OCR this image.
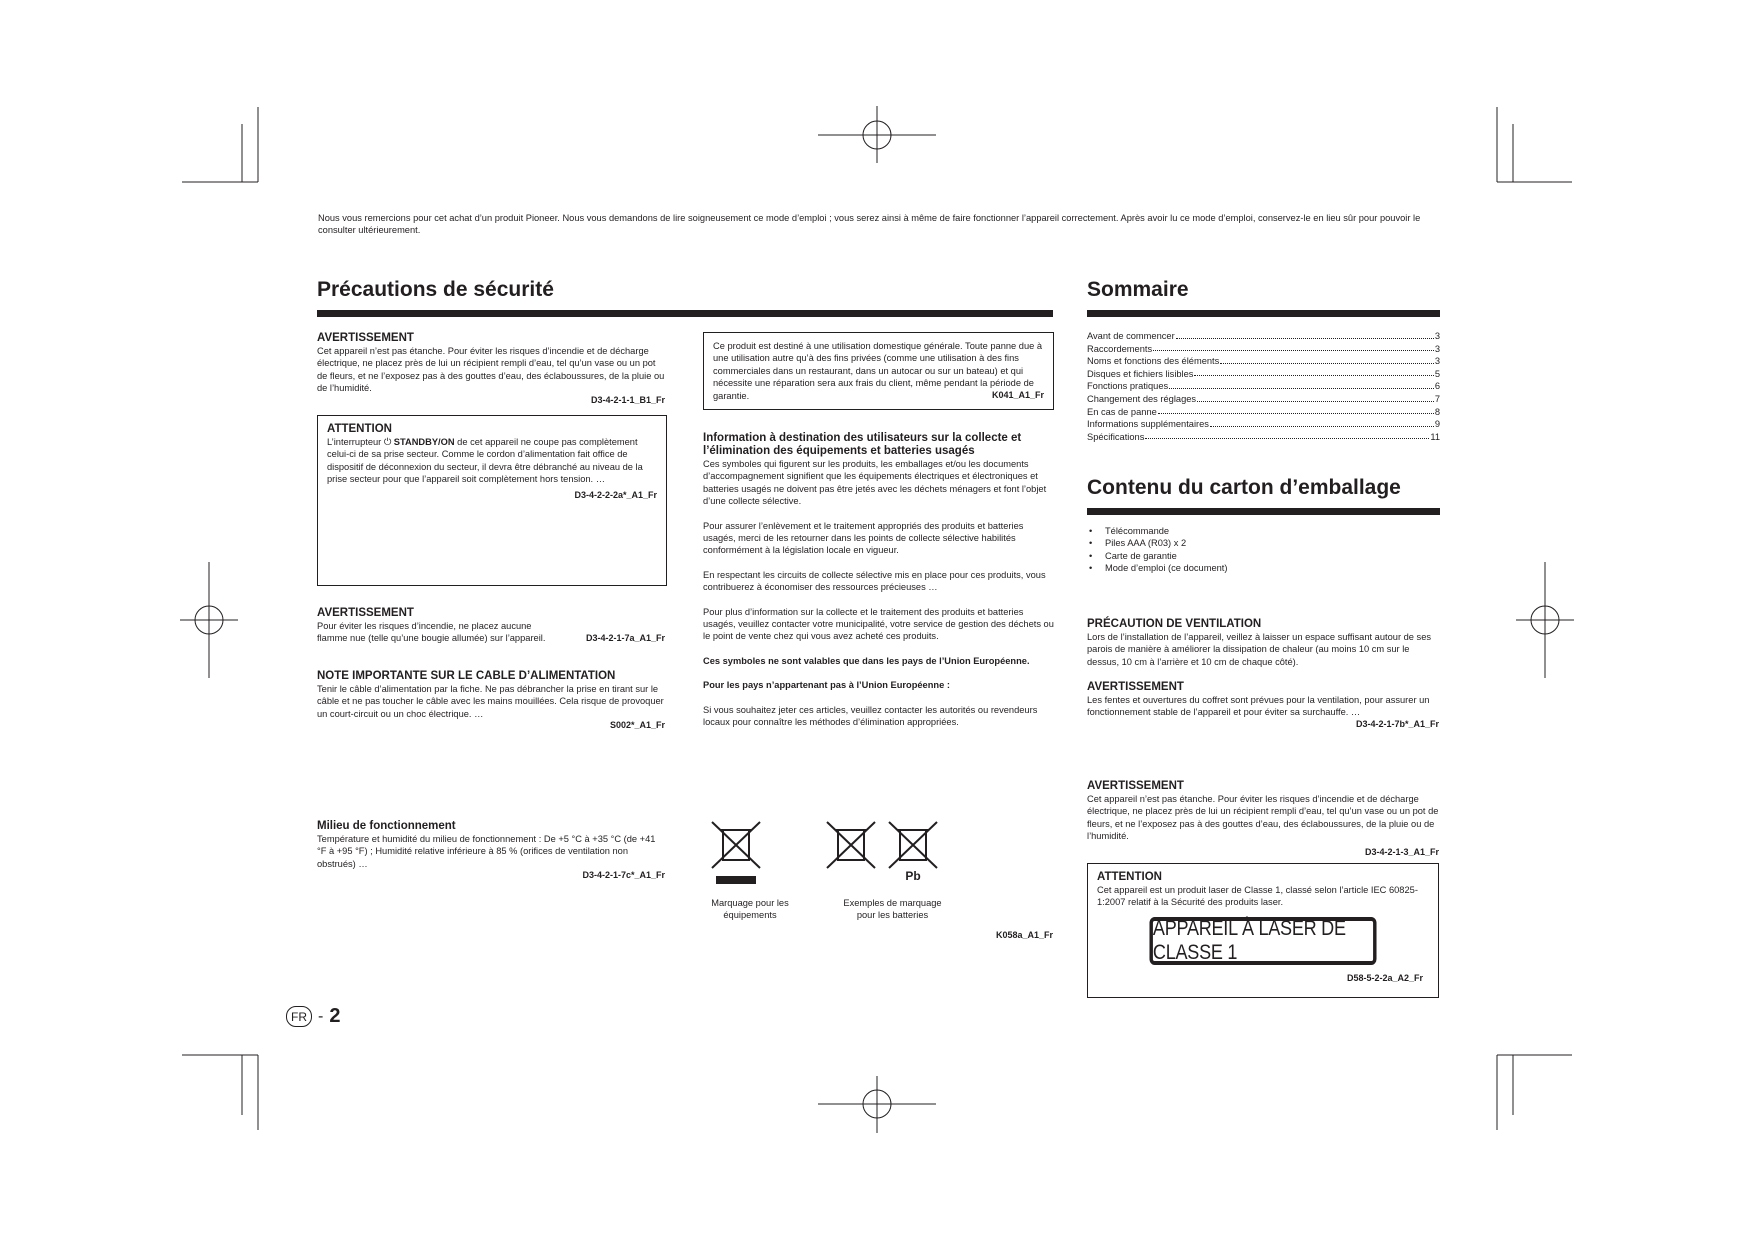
Nous vous remercions pour cet achat d’un produit Pioneer. Nous vous demandons de lire soigneusement ce mode d’emploi ; vous serez ainsi à même de faire fonctionner l’appareil correctement. Après avoir lu ce mode d’emploi, conservez-le en lieu sûr pour pouvoir le consulter ultérieurement.

Précautions de sécurité

AVERTISSEMENT

Cet appareil n’est pas étanche. Pour éviter les risques d’incendie et de décharge électrique, ne placez près de lui un récipient rempli d’eau, tel qu’un vase ou un pot de fleurs, et ne l’exposez pas à des gouttes d’eau, des éclaboussures, de la pluie ou de l’humidité.

D3-4-2-1-1_B1_Fr

ATTENTION

L’interrupteur ⏻ STANDBY/ON de cet appareil ne coupe pas complètement celui-ci de sa prise secteur. Comme le cordon d’alimentation fait office de dispositif de déconnexion du secteur, il devra être débranché au niveau de la prise secteur pour que l’appareil soit complètement hors tension. …

D3-4-2-2-2a*_A1_Fr

AVERTISSEMENT

Pour éviter les risques d’incendie, ne placez aucune flamme nue (telle qu’une bougie allumée) sur l’appareil.	D3-4-2-1-7a_A1_Fr

NOTE IMPORTANTE SUR LE CABLE D’ALIMENTATION

Tenir le câble d’alimentation par la fiche. Ne pas débrancher la prise en tirant sur le câble et ne pas toucher le câble avec les mains mouillées. Cela risque de provoquer un court-circuit ou un choc électrique. …

S002*_A1_Fr

Milieu de fonctionnement

Température et humidité du milieu de fonctionnement : De +5 °C à +35 °C (de +41 °F à +95 °F) ; Humidité relative inférieure à 85 % (orifices de ventilation non obstrués) …

D3-4-2-1-7c*_A1_Fr

Ce produit est destiné à une utilisation domestique générale. Toute panne due à une utilisation autre qu’à des fins privées (comme une utilisation à des fins commerciales dans un restaurant, dans un autocar ou sur un bateau) et qui nécessite une réparation sera aux frais du client, même pendant la période de garantie.	K041_A1_Fr

Information à destination des utilisateurs sur la collecte et l’élimination des équipements et batteries usagés

Ces symboles qui figurent sur les produits, les emballages et/ou les documents d’accompagnement signifient que les équipements électriques et électroniques et batteries usagés ne doivent pas être jetés avec les déchets ménagers et font l’objet d’une collecte sélective.

Pour assurer l’enlèvement et le traitement appropriés des produits et batteries usagés, merci de les retourner dans les points de collecte sélective habilités conformément à la législation locale en vigueur.

En respectant les circuits de collecte sélective mis en place pour ces produits, vous contribuerez à économiser des ressources précieuses …

Pour plus d’information sur la collecte et le traitement des produits et batteries usagés, veuillez contacter votre municipalité, votre service de gestion des déchets ou le point de vente chez qui vous avez acheté ces produits.

Ces symboles ne sont valables que dans les pays de l’Union Européenne.

Pour les pays n’appartenant pas à l’Union Européenne :

Si vous souhaitez jeter ces articles, veuillez contacter les autorités ou revendeurs locaux pour connaître les méthodes d’élimination appropriées.

Pb
Marquage pour les équipements
Exemples de marquage pour les batteries
K058a_A1_Fr
Sommaire
Avant de commencer	3
Raccordements	3
Noms et fonctions des éléments	3
Disques et fichiers lisibles	5
Fonctions pratiques	6
Changement des réglages	7
En cas de panne	8
Informations supplémentaires	9
Spécifications	11
Contenu du carton d’emballage
• Télécommande
• Piles AAA (R03) x 2
• Carte de garantie
• Mode d’emploi (ce document)

PRÉCAUTION DE VENTILATION

Lors de l’installation de l’appareil, veillez à laisser un espace suffisant autour de ses parois de manière à améliorer la dissipation de chaleur (au moins 10 cm sur le dessus, 10 cm à l’arrière et 10 cm de chaque côté).

AVERTISSEMENT

Les fentes et ouvertures du coffret sont prévues pour la ventilation, pour assurer un fonctionnement stable de l’appareil et pour éviter sa surchauffe. …

D3-4-2-1-7b*_A1_Fr

AVERTISSEMENT

Cet appareil n’est pas étanche. Pour éviter les risques d’incendie et de décharge électrique, ne placez près de lui un récipient rempli d’eau, tel qu’un vase ou un pot de fleurs, et ne l’exposez pas à des gouttes d’eau, des éclaboussures, de la pluie ou de l’humidité.

D3-4-2-1-3_A1_Fr

ATTENTION

Cet appareil est un produit laser de Classe 1, classé selon l’article IEC 60825-1:2007 relatif à la Sécurité des produits laser.

APPAREIL À LASER DE CLASSE 1
D58-5-2-2a_A2_Fr
FR - 2
